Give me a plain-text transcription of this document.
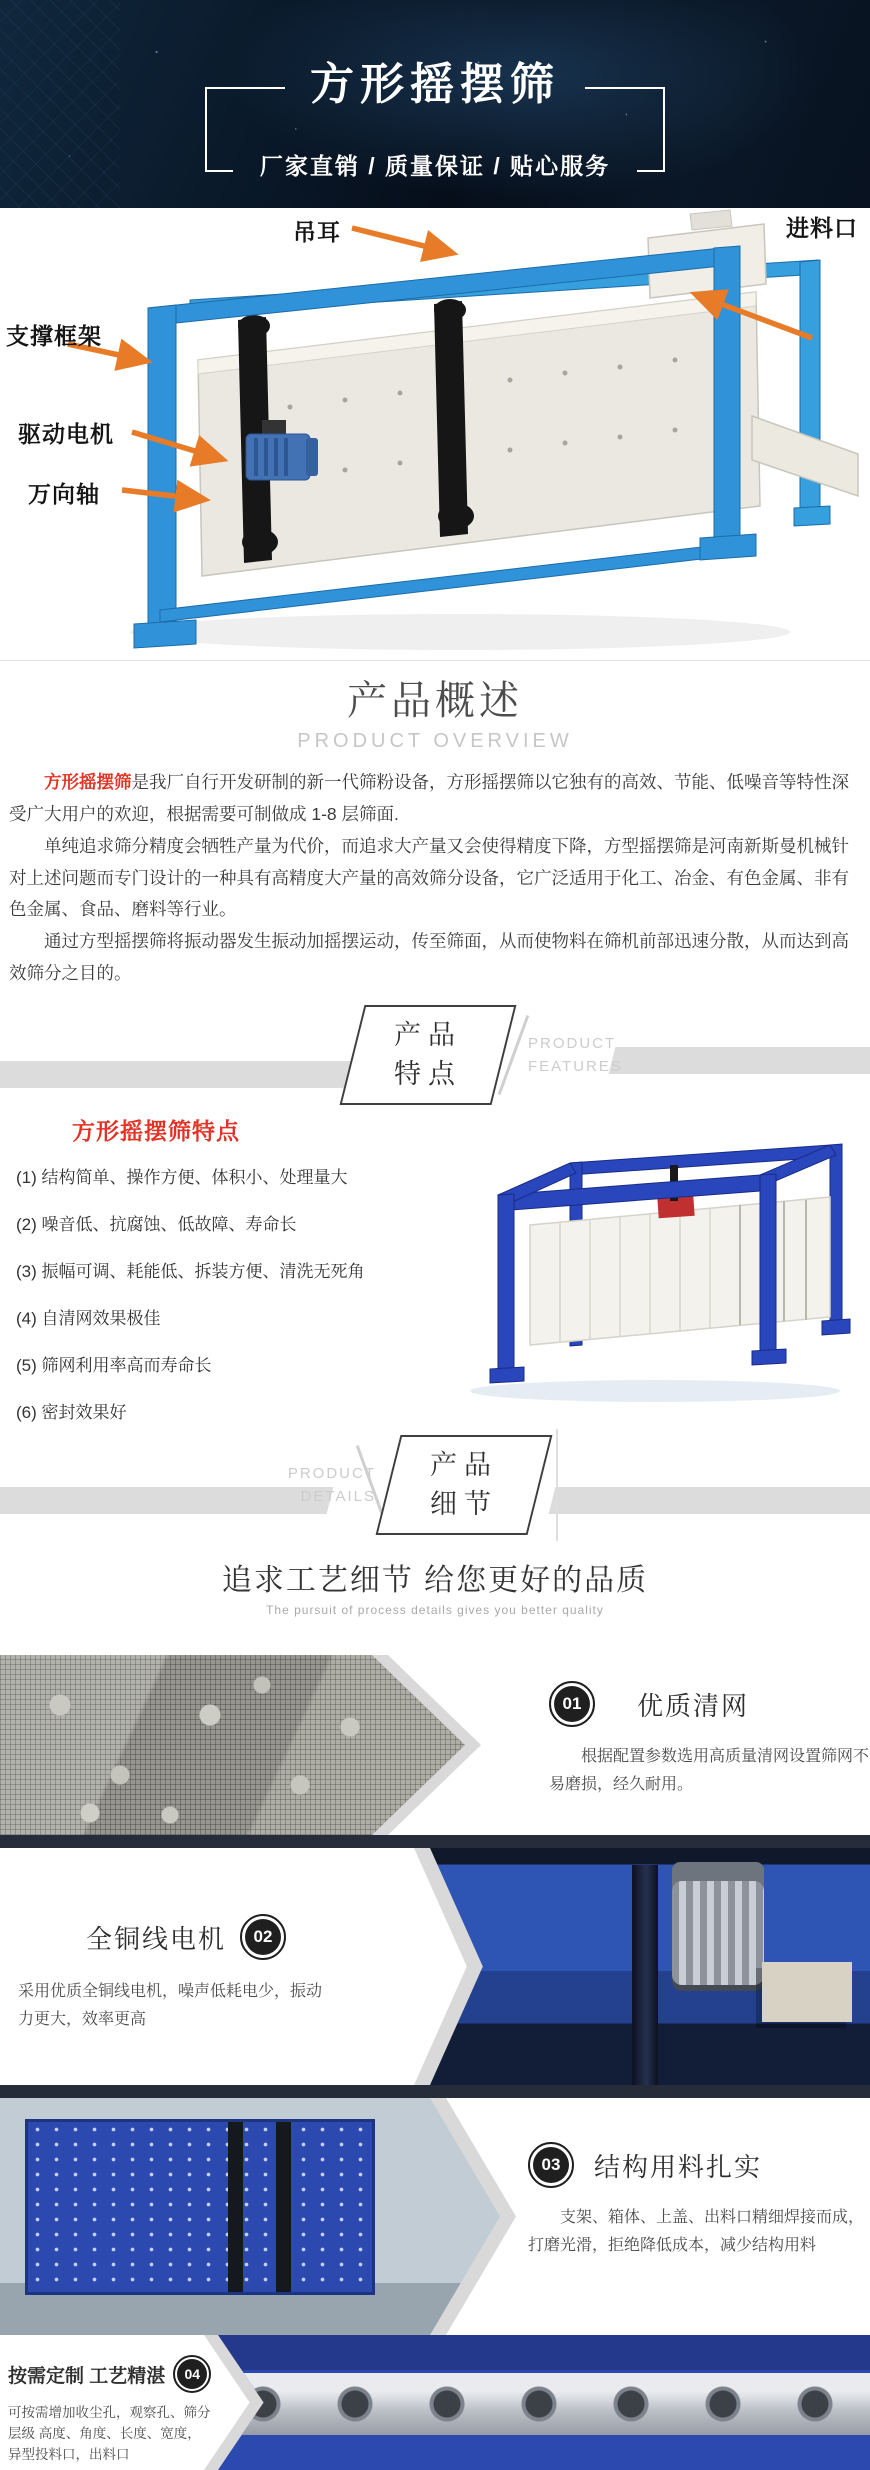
方形摇摆筛
厂家直销 / 质量保证 / 贴心服务
吊耳	进料口
支撑框架
驱动电机
万向轴
产品概述
PRODUCT OVERVIEW

方形摇摆筛是我厂自行开发研制的新一代筛粉设备，方形摇摆筛以它独有的高效、节能、低噪音等特性深受广大用户的欢迎，根据需要可制做成 1-8 层筛面.

单纯追求筛分精度会牺牲产量为代价，而追求大产量又会使得精度下降，方型摇摆筛是河南新斯曼机械针对上述问题而专门设计的一种具有高精度大产量的高效筛分设备，它广泛适用于化工、冶金、有色金属、非有色金属、食品、磨料等行业。

通过方型摇摆筛将振动器发生振动加摇摆运动，传至筛面，从而使物料在筛机前部迅速分散，从而达到高效筛分之目的。

PRODUCT
FEATURES
产品
特点
方形摇摆筛特点
(1) 结构简单、操作方便、体积小、处理量大
(2) 噪音低、抗腐蚀、低故障、寿命长
(3) 振幅可调、耗能低、拆装方便、清洗无死角
(4) 自清网效果极佳
(5) 筛网利用率高而寿命长
(6) 密封效果好
PRODUCT
DETAILS
产品
细节
追求工艺细节 给您更好的品质
The pursuit of process details gives you better quality
01	优质清网
根据配置参数选用高质量清网设置筛网不易磨损，经久耐用。
全铜线电机	02
采用优质全铜线电机，噪声低耗电少，振动力更大，效率更高
03	结构用料扎实
支架、箱体、上盖、出料口精细焊接而成，打磨光滑，拒绝降低成本，减少结构用料
按需定制 工艺精湛	04
可按需增加收尘孔，观察孔、筛分层级 高度、角度、长度、宽度，异型投料口，出料口
